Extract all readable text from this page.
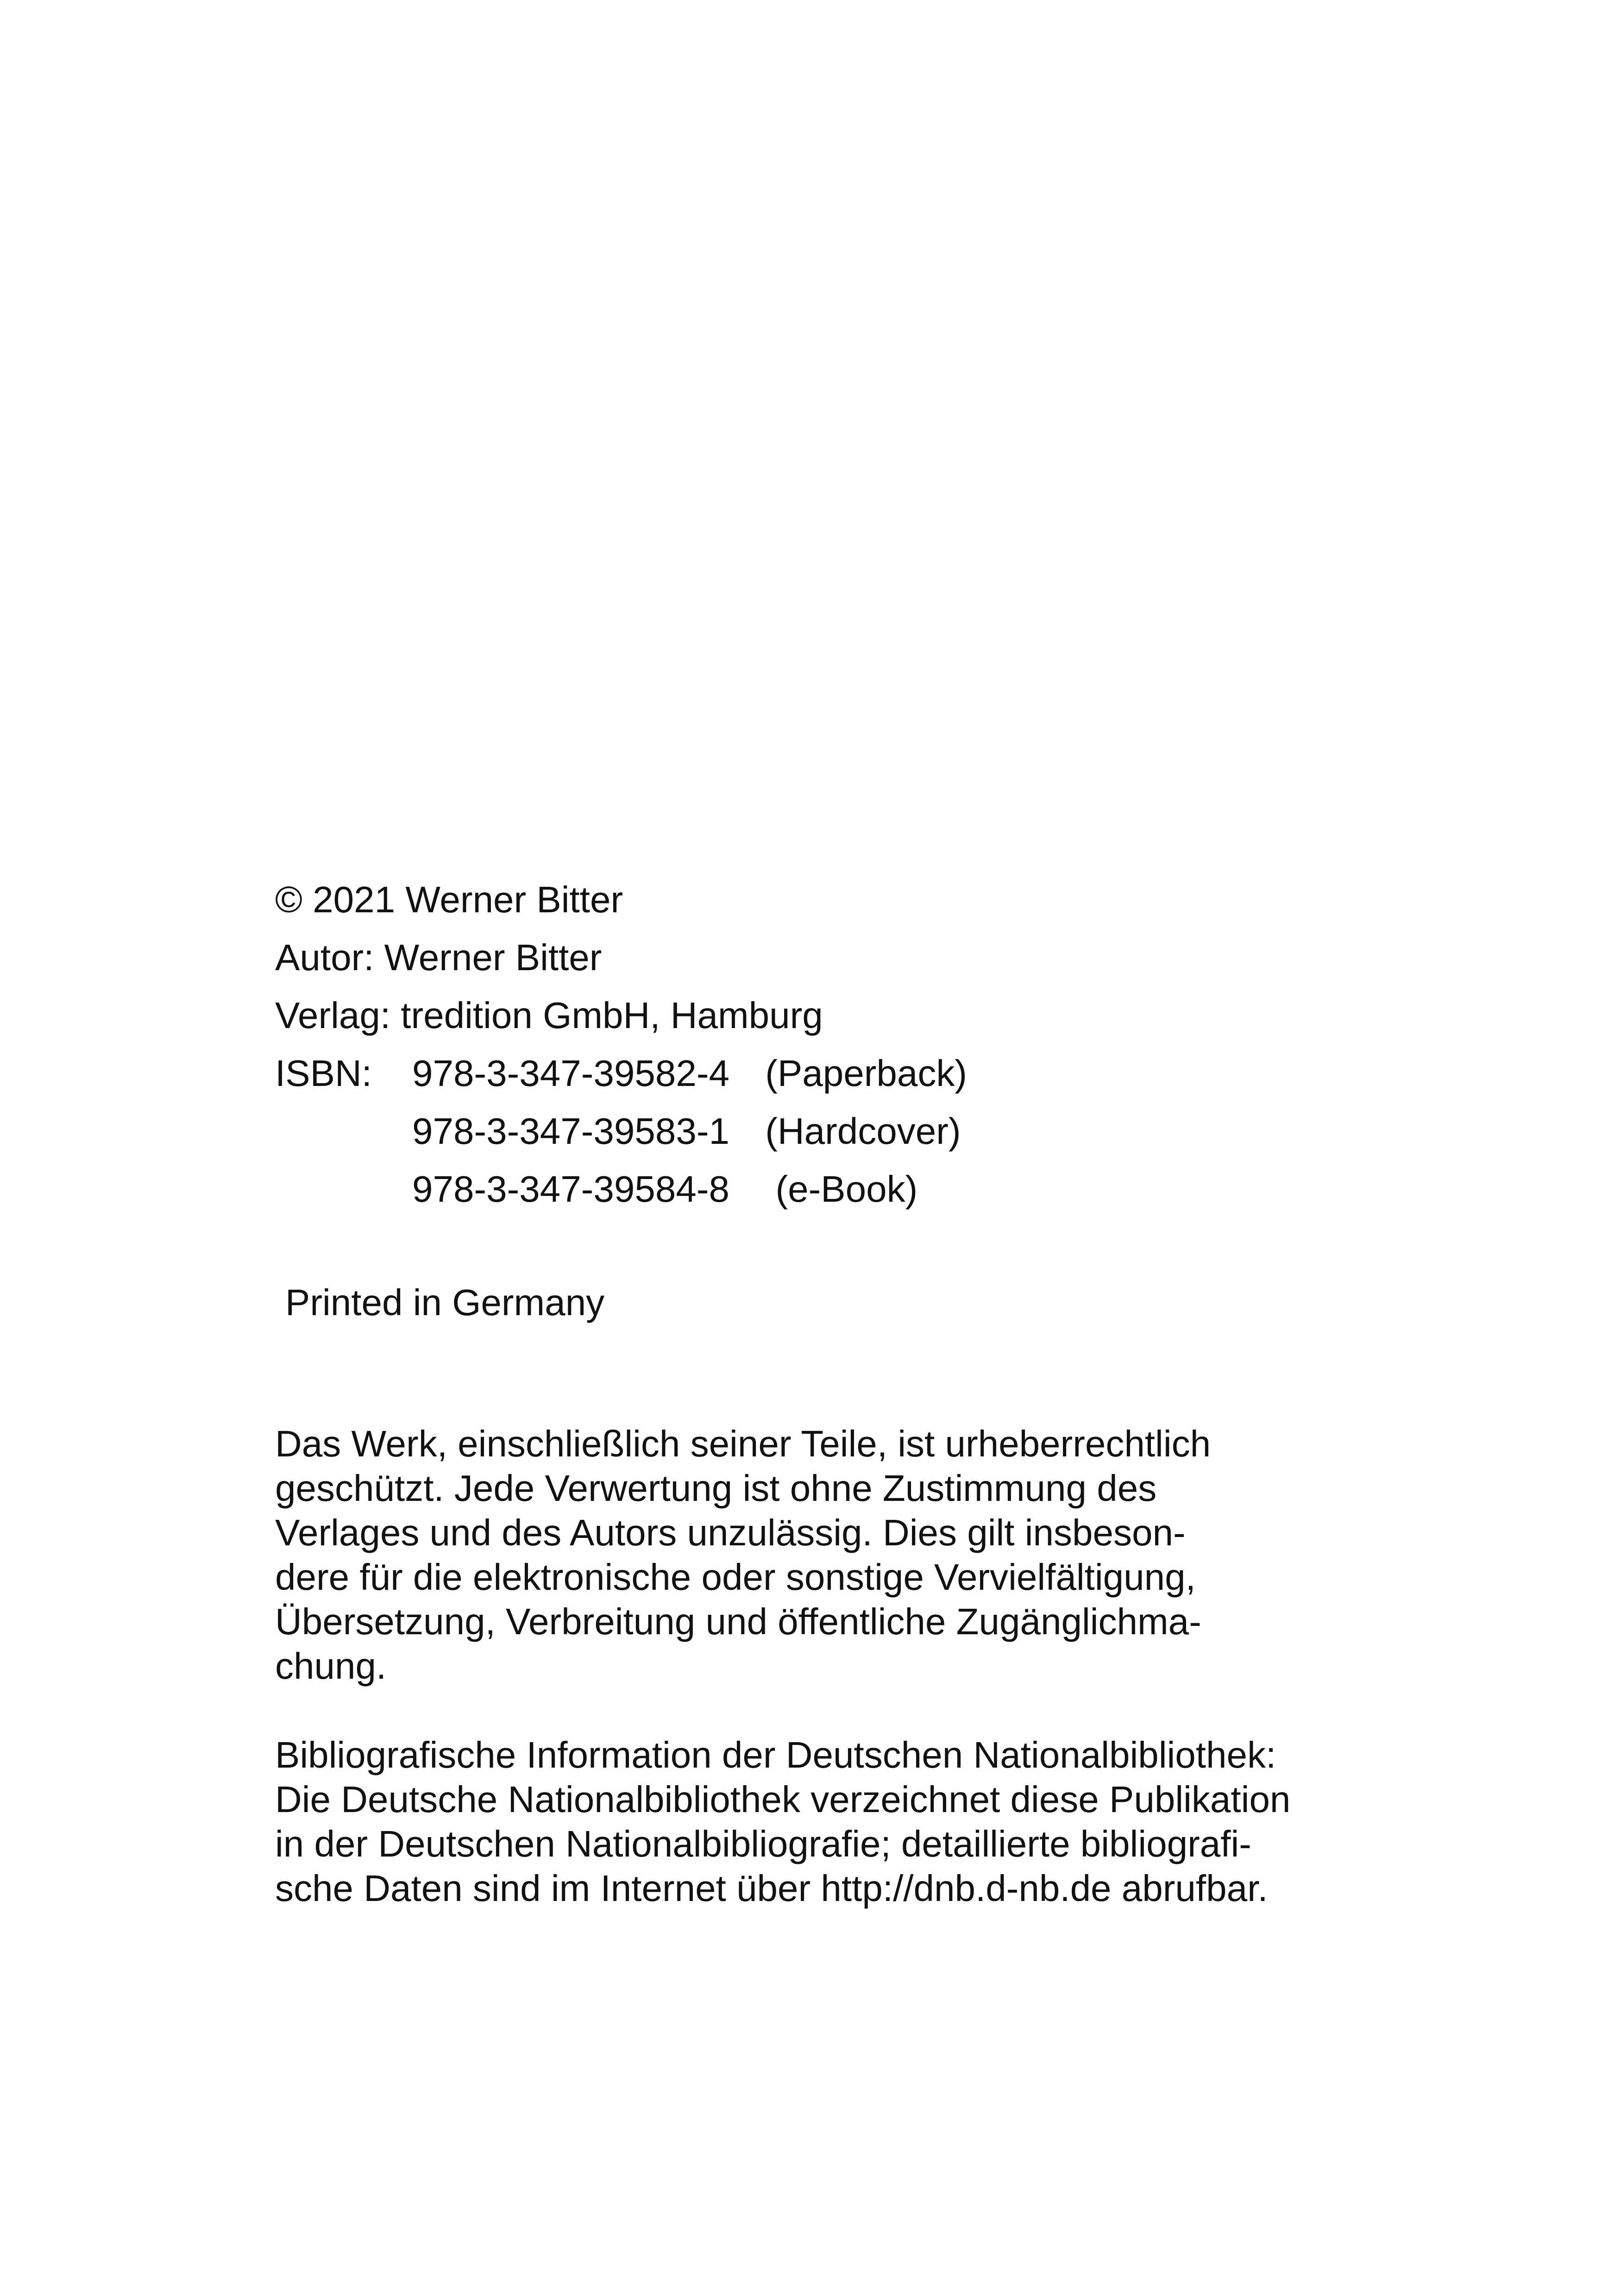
© 2021 Werner Bitter
Autor: Werner Bitter
Verlag: tredition GmbH, Hamburg
ISBN:	978-3-347-39582-4 (Paperback)
978-3-347-39583-1 (Hardcover)
978-3-347-39584-8  (e-Book)
Printed in Germany
Das Werk, einschließlich seiner Teile, ist urheberrechtlich
geschützt. Jede Verwertung ist ohne Zustimmung des
Verlages und des Autors unzulässig. Dies gilt insbeson-
dere für die elektronische oder sonstige Vervielfältigung,
Übersetzung, Verbreitung und öffentliche Zugänglichma-
chung.
Bibliografische Information der Deutschen Nationalbibliothek:
Die Deutsche Nationalbibliothek verzeichnet diese Publikation
in der Deutschen Nationalbibliografie; detaillierte bibliografi-
sche Daten sind im Internet über http://dnb.d-nb.de abrufbar.
